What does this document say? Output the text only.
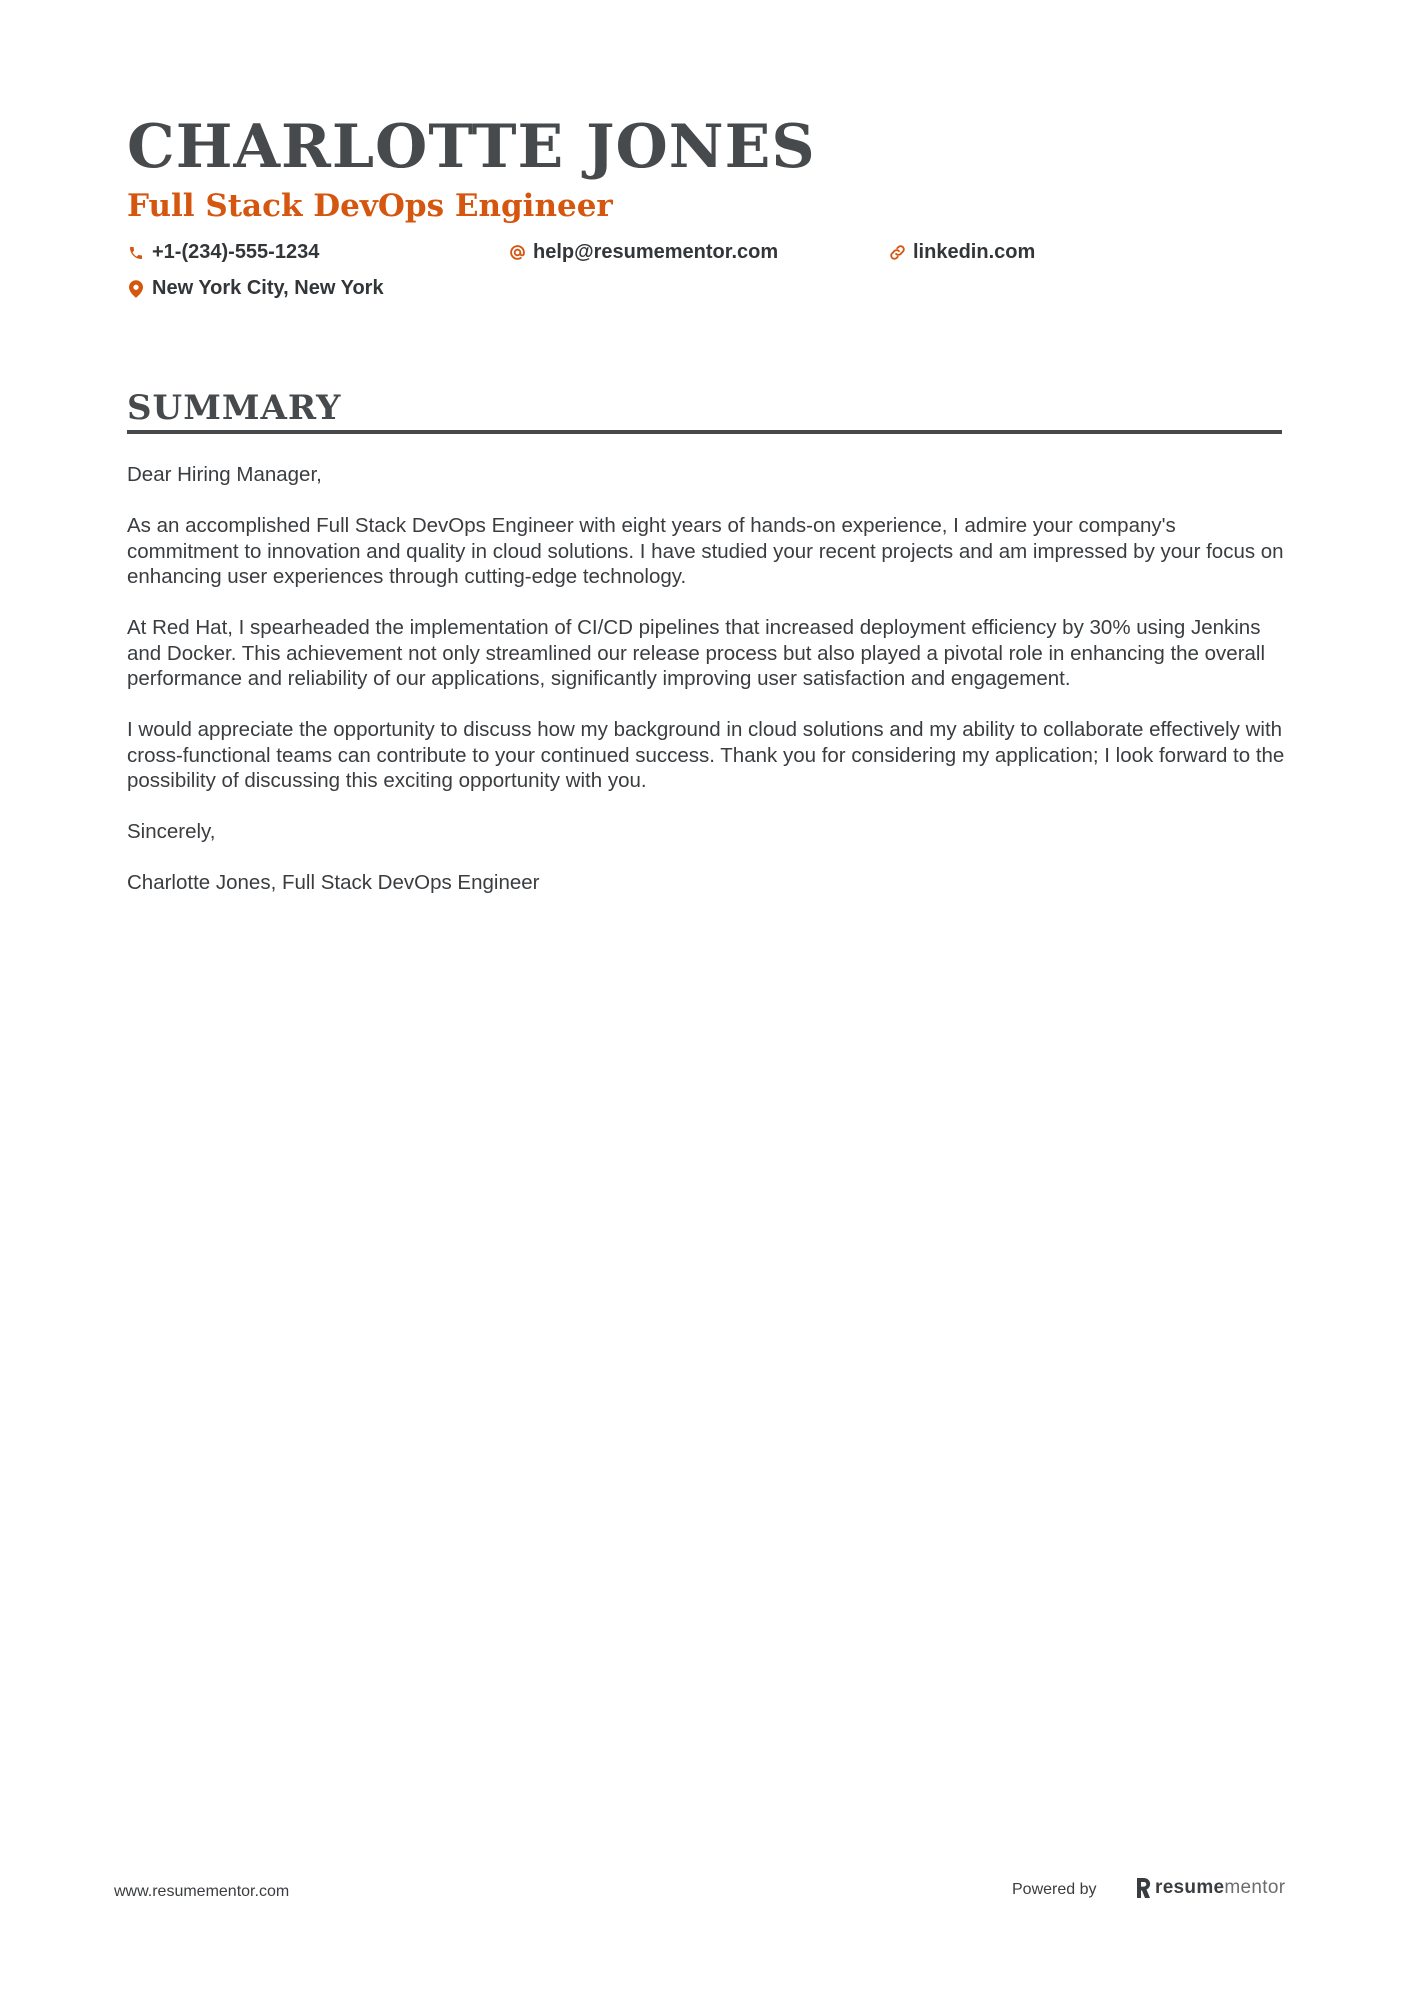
CHARLOTTE JONES
Full Stack DevOps Engineer
+1-(234)-555-1234	help@resumementor.com	linkedin.com
New York City, New York
SUMMARY

Dear Hiring Manager,

As an accomplished Full Stack DevOps Engineer with eight years of hands-on experience, I admire your company's commitment to innovation and quality in cloud solutions. I have studied your recent projects and am impressed by your focus on enhancing user experiences through cutting-edge technology.

At Red Hat, I spearheaded the implementation of CI/CD pipelines that increased deployment efficiency by 30% using Jenkins and Docker. This achievement not only streamlined our release process but also played a pivotal role in enhancing the overall performance and reliability of our applications, significantly improving user satisfaction and engagement.

I would appreciate the opportunity to discuss how my background in cloud solutions and my ability to collaborate effectively with cross-functional teams can contribute to your continued success. Thank you for considering my application; I look forward to the possibility of discussing this exciting opportunity with you.

Sincerely,

Charlotte Jones, Full Stack DevOps Engineer

www.resumementor.com	Powered by	resumementor
